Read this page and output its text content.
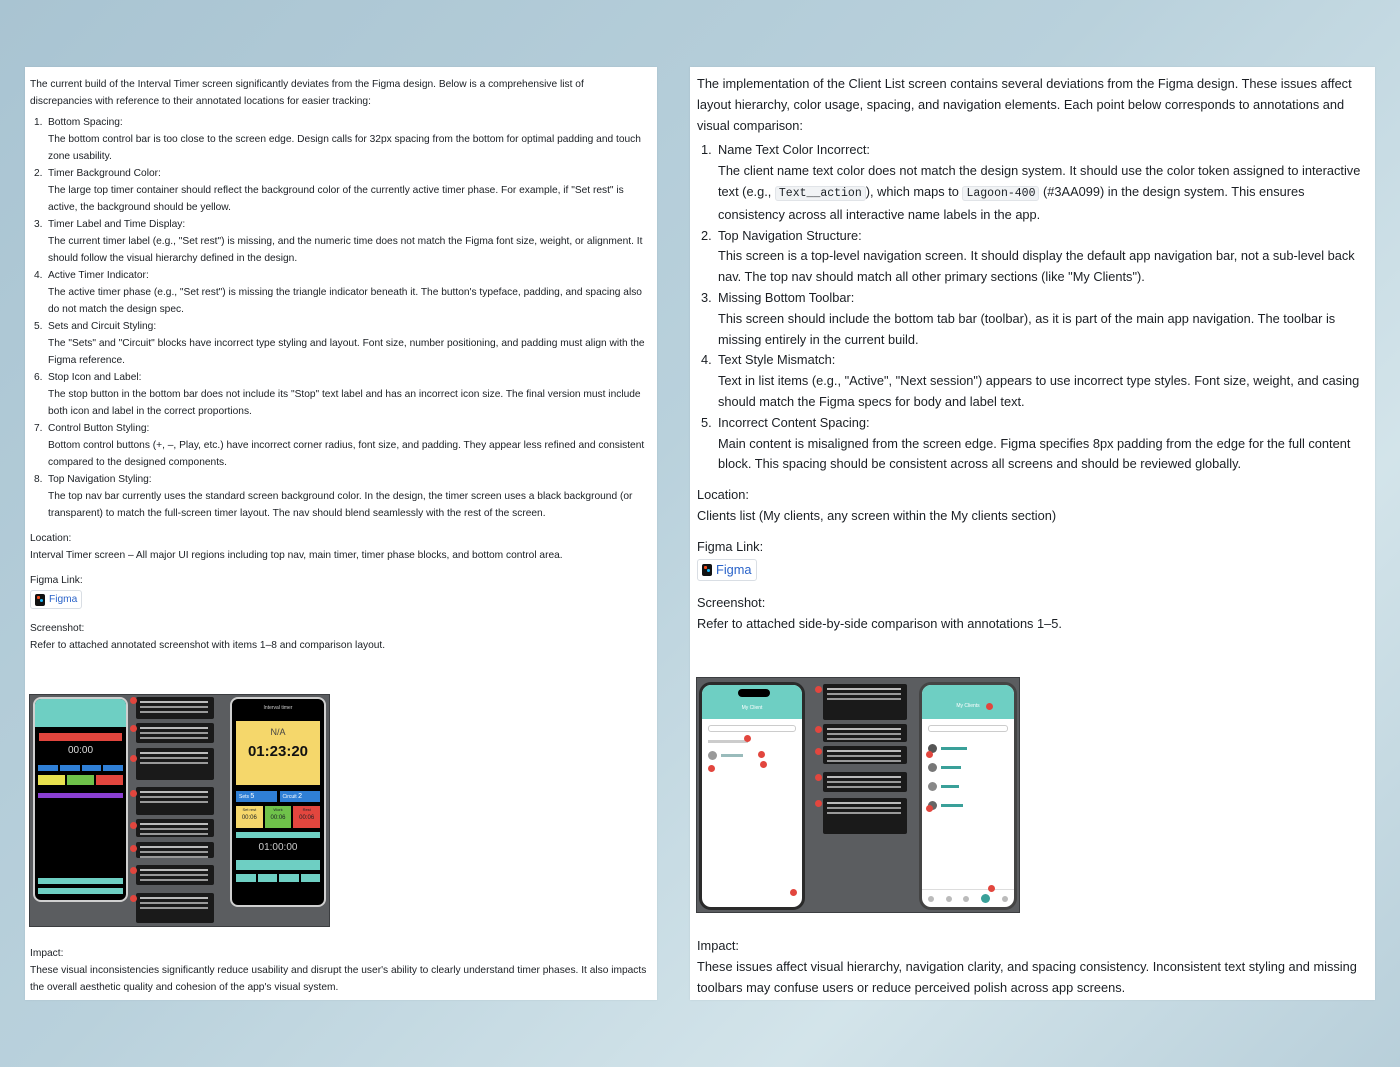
The current build of the Interval Timer screen significantly deviates from the Figma design. Below is a comprehensive list of discrepancies with reference to their annotated locations for easier tracking:

1. Bottom Spacing:
The bottom control bar is too close to the screen edge. Design calls for 32px spacing from the bottom for optimal padding and touch zone usability.
2. Timer Background Color:
The large top timer container should reflect the background color of the currently active timer phase. For example, if "Set rest" is active, the background should be yellow.
3. Timer Label and Time Display:
The current timer label (e.g., "Set rest") is missing, and the numeric time does not match the Figma font size, weight, or alignment. It should follow the visual hierarchy defined in the design.
4. Active Timer Indicator:
The active timer phase (e.g., "Set rest") is missing the triangle indicator beneath it. The button's typeface, padding, and spacing also do not match the design spec.
5. Sets and Circuit Styling:
The "Sets" and "Circuit" blocks have incorrect type styling and layout. Font size, number positioning, and padding must align with the Figma reference.
6. Stop Icon and Label:
The stop button in the bottom bar does not include its "Stop" text label and has an incorrect icon size. The final version must include both icon and label in the correct proportions.
7. Control Button Styling:
Bottom control buttons (+, –, Play, etc.) have incorrect corner radius, font size, and padding. They appear less refined and consistent compared to the designed components.
8. Top Navigation Styling:
The top nav bar currently uses the standard screen background color. In the design, the timer screen uses a black background (or transparent) to match the full-screen timer layout. The nav should blend seamlessly with the rest of the screen.

Location:

Interval Timer screen – All major UI regions including top nav, main timer, timer phase blocks, and bottom control area.

Figma Link:

Figma

Screenshot:

Refer to attached annotated screenshot with items 1–8 and comparison layout.

00:00
Interval timer
N/A
01:23:20
Sets 5	Circuit 2
Set rest
00:06
Work
00:06
Rest
00:06
01:00:00

Impact:

These visual inconsistencies significantly reduce usability and disrupt the user's ability to clearly understand timer phases. It also impacts the overall aesthetic quality and cohesion of the app's visual system.

The implementation of the Client List screen contains several deviations from the Figma design. These issues affect layout hierarchy, color usage, spacing, and navigation elements. Each point below corresponds to annotations and visual comparison:

1. Name Text Color Incorrect:
The client name text color does not match the design system. It should use the color token assigned to interactive text (e.g., Text__action ), which maps to Lagoon-400 (#3AA099) in the design system. This ensures consistency across all interactive name labels in the app.
2. Top Navigation Structure:
This screen is a top-level navigation screen. It should display the default app navigation bar, not a sub-level back nav. The top nav should match all other primary sections (like "My Clients").
3. Missing Bottom Toolbar:
This screen should include the bottom tab bar (toolbar), as it is part of the main app navigation. The toolbar is missing entirely in the current build.
4. Text Style Mismatch:
Text in list items (e.g., "Active", "Next session") appears to use incorrect type styles. Font size, weight, and casing should match the Figma specs for body and label text.
5. Incorrect Content Spacing:
Main content is misaligned from the screen edge. Figma specifies 8px padding from the edge for the full content block. This spacing should be consistent across all screens and should be reviewed globally.

Location:

Clients list (My clients, any screen within the My clients section)

Figma Link:

Figma

Screenshot:

Refer to attached side-by-side comparison with annotations 1–5.

My Client	My Clients

Impact:

These issues affect visual hierarchy, navigation clarity, and spacing consistency. Inconsistent text styling and missing toolbars may confuse users or reduce perceived polish across app screens.
